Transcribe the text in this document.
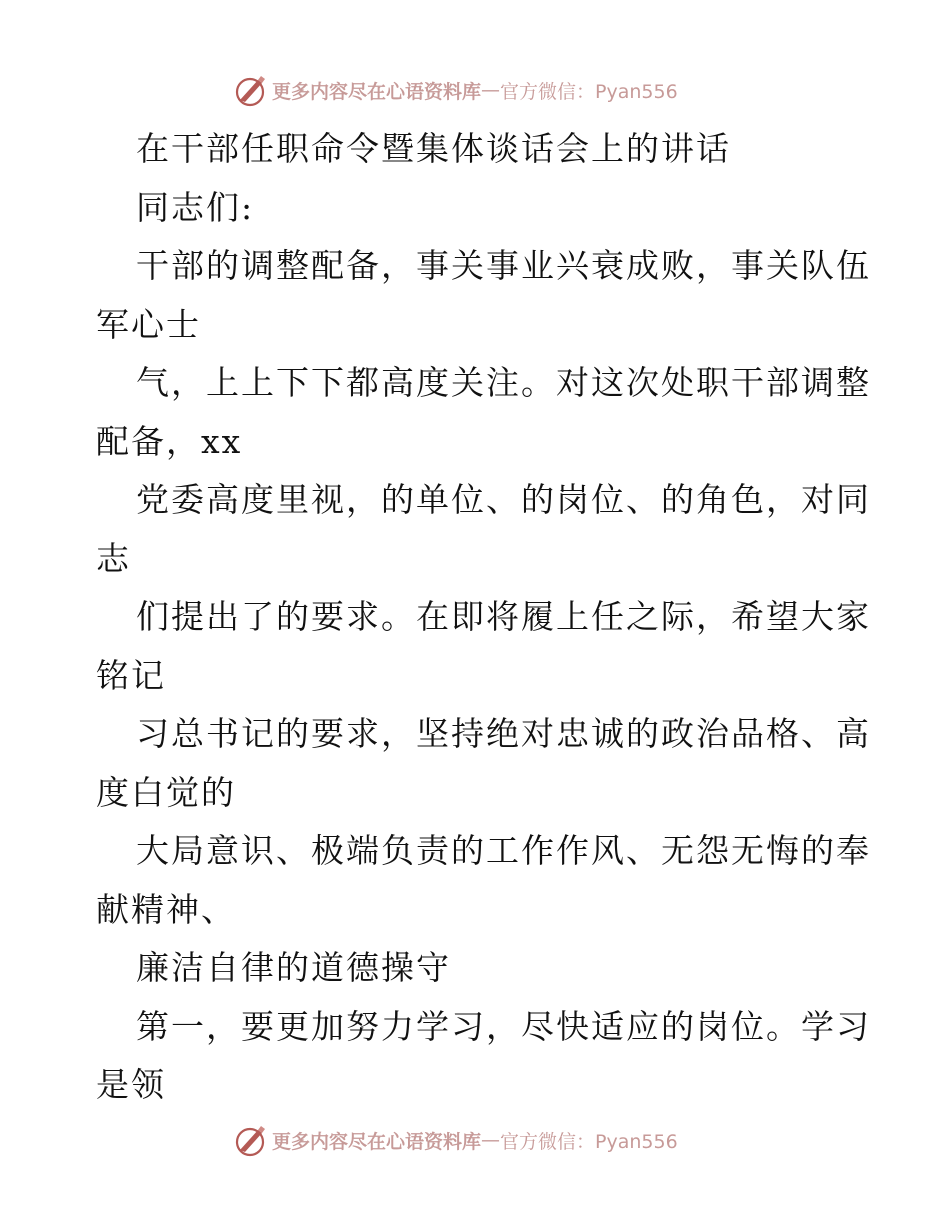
更多内容尽在心语资料库 — 官方微信：Pyan556
在干部任职命令暨集体谈话会上的讲话
同志们:
干部的调整配备，事关事业兴衰成败，事关队伍
军心士
气，上上下下都高度关注。对这次处职干部调整
配备，xx
党委高度里视，的单位、的岗位、的角色，对同
志
们提出了的要求。在即将履上任之际，希望大家
铭记
习总书记的要求，坚持绝对忠诚的政治品格、高
度白觉的
大局意识、极端负责的工作作风、无怨无悔的奉
献精神、
廉洁自律的道德操守
第一，要更加努力学习，尽快适应的岗位。学习
是领
更多内容尽在心语资料库 — 官方微信：Pyan556
